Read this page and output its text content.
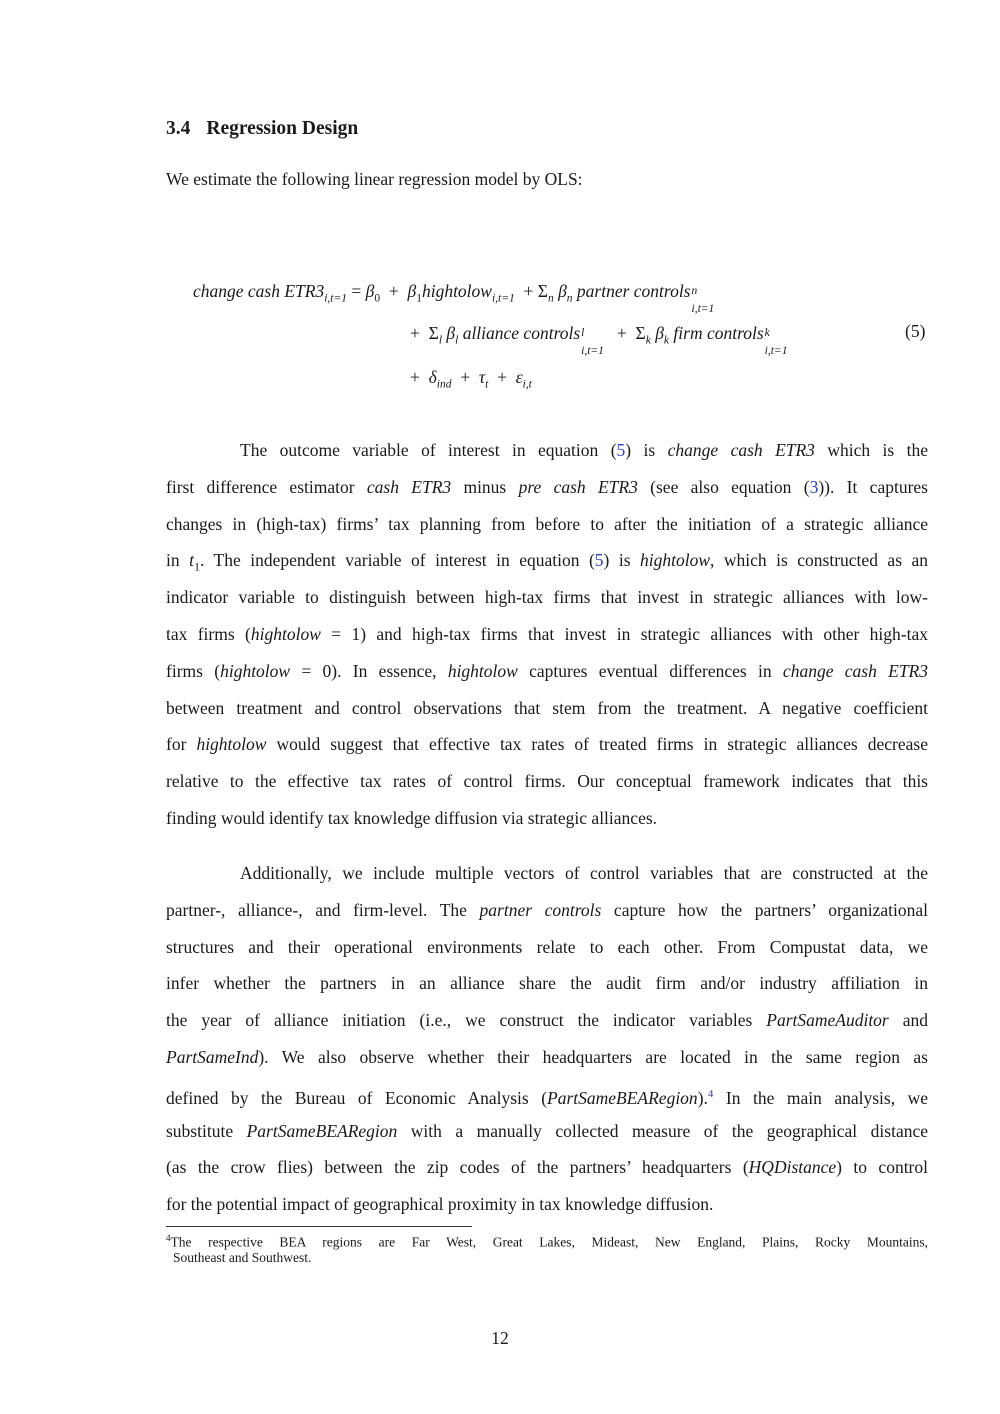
3.4 Regression Design
We estimate the following linear regression model by OLS:
change cash $ETR3_{i,t=1} = \beta_0$ + $\beta_1hightolow_{i,t=1} + \Sigma_n$ $\beta_n$ partner controls n
i,t=1
+ $\Sigma_l$ $\beta_l$ alliance controls l
i,t=1
+ $\Sigma_k$ $\beta_k$ firm controls k
i,t=1
(5)
+ $\delta_{ind} + \tau_t + \varepsilon_{i,t}$
The outcome variable of interest in equation (5) is change cash ETR3 which is the
first difference estimator cash ETR3 minus pre cash ETR3 (see also equation (3)). It captures
changes in (high-tax) firms’ tax planning from before to after the initiation of a strategic alliance
in $t_1$. The independent variable of interest in equation (5) is hightolow, which is constructed as an
indicator variable to distinguish between high-tax firms that invest in strategic alliances with low-
tax firms (hightolow = 1) and high-tax firms that invest in strategic alliances with other high-tax
firms (hightolow = 0). In essence, hightolow captures eventual differences in change cash ETR3
between treatment and control observations that stem from the treatment. A negative coefficient
for hightolow would suggest that effective tax rates of treated firms in strategic alliances decrease
relative to the effective tax rates of control firms. Our conceptual framework indicates that this
finding would identify tax knowledge diffusion via strategic alliances.
Additionally, we include multiple vectors of control variables that are constructed at the
partner-, alliance-, and firm-level. The partner controls capture how the partners’ organizational
structures and their operational environments relate to each other. From Compustat data, we
infer whether the partners in an alliance share the audit firm and/or industry affiliation in
the year of alliance initiation (i.e., we construct the indicator variables PartSameAuditor and
PartSameInd). We also observe whether their headquarters are located in the same region as
defined by the Bureau of Economic Analysis (PartSameBEARegion).$^4$ In the main analysis, we
substitute PartSameBEARegion with a manually collected measure of the geographical distance
(as the crow flies) between the zip codes of the partners’ headquarters (HQDistance) to control
for the potential impact of geographical proximity in tax knowledge diffusion.
$^4$The respective BEA regions are Far West, Great Lakes, Mideast, New England, Plains, Rocky Mountains,
Southeast and Southwest.
12
